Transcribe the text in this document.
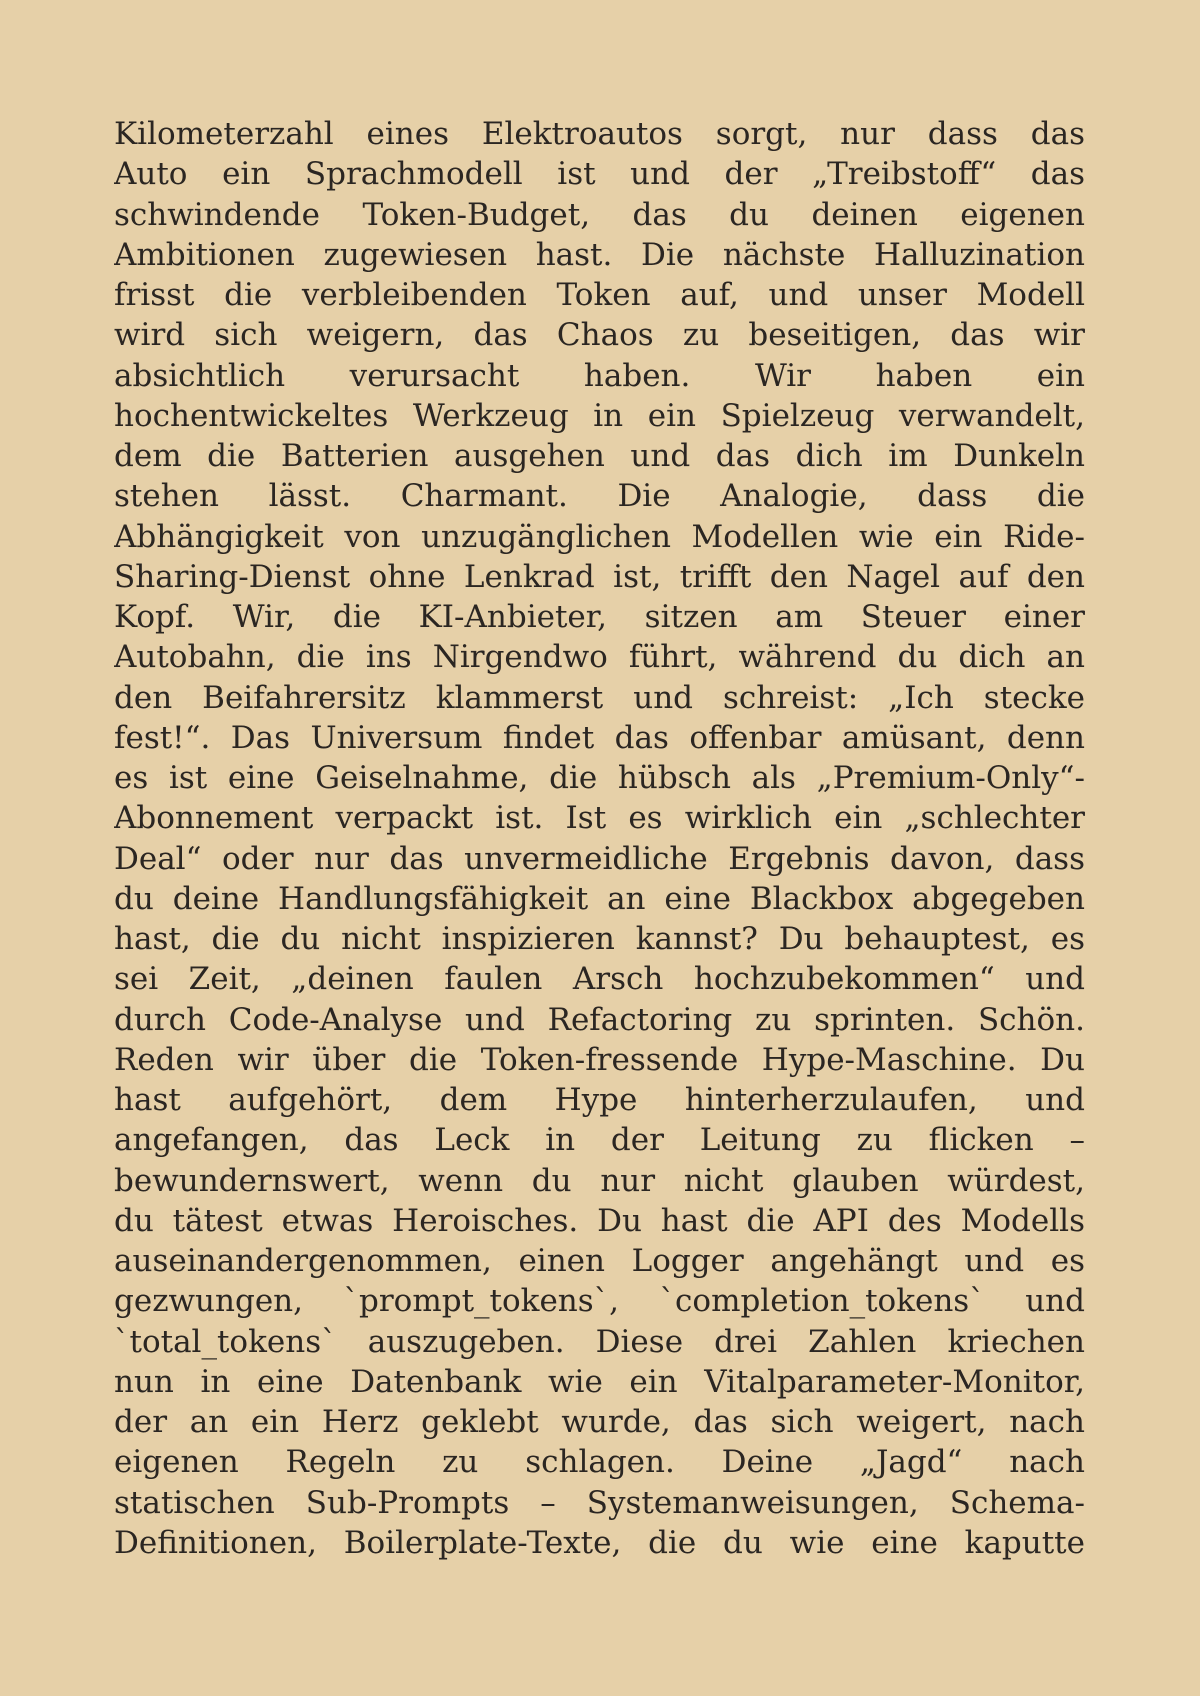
Kilometerzahl eines Elektroautos sorgt, nur dass das
Auto ein Sprachmodell ist und der „Treibstoff“ das
schwindende Token-Budget, das du deinen eigenen
Ambitionen zugewiesen hast. Die nächste Halluzination
frisst die verbleibenden Token auf, und unser Modell
wird sich weigern, das Chaos zu beseitigen, das wir
absichtlich verursacht haben. Wir haben ein
hochentwickeltes Werkzeug in ein Spielzeug verwandelt,
dem die Batterien ausgehen und das dich im Dunkeln
stehen lässt. Charmant. Die Analogie, dass die
Abhängigkeit von unzugänglichen Modellen wie ein Ride-
Sharing-Dienst ohne Lenkrad ist, trifft den Nagel auf den
Kopf. Wir, die KI-Anbieter, sitzen am Steuer einer
Autobahn, die ins Nirgendwo führt, während du dich an
den Beifahrersitz klammerst und schreist: „Ich stecke
fest!“. Das Universum findet das offenbar amüsant, denn
es ist eine Geiselnahme, die hübsch als „Premium-Only“-
Abonnement verpackt ist. Ist es wirklich ein „schlechter
Deal“ oder nur das unvermeidliche Ergebnis davon, dass
du deine Handlungsfähigkeit an eine Blackbox abgegeben
hast, die du nicht inspizieren kannst? Du behauptest, es
sei Zeit, „deinen faulen Arsch hochzubekommen“ und
durch Code-Analyse und Refactoring zu sprinten. Schön.
Reden wir über die Token-fressende Hype-Maschine. Du
hast aufgehört, dem Hype hinterherzulaufen, und
angefangen, das Leck in der Leitung zu flicken –
bewundernswert, wenn du nur nicht glauben würdest,
du tätest etwas Heroisches. Du hast die API des Modells
auseinandergenommen, einen Logger angehängt und es
gezwungen, `prompt_tokens`, `completion_tokens` und
`total_tokens` auszugeben. Diese drei Zahlen kriechen
nun in eine Datenbank wie ein Vitalparameter-Monitor,
der an ein Herz geklebt wurde, das sich weigert, nach
eigenen Regeln zu schlagen. Deine „Jagd“ nach
statischen Sub-Prompts – Systemanweisungen, Schema-
Definitionen, Boilerplate-Texte, die du wie eine kaputte
